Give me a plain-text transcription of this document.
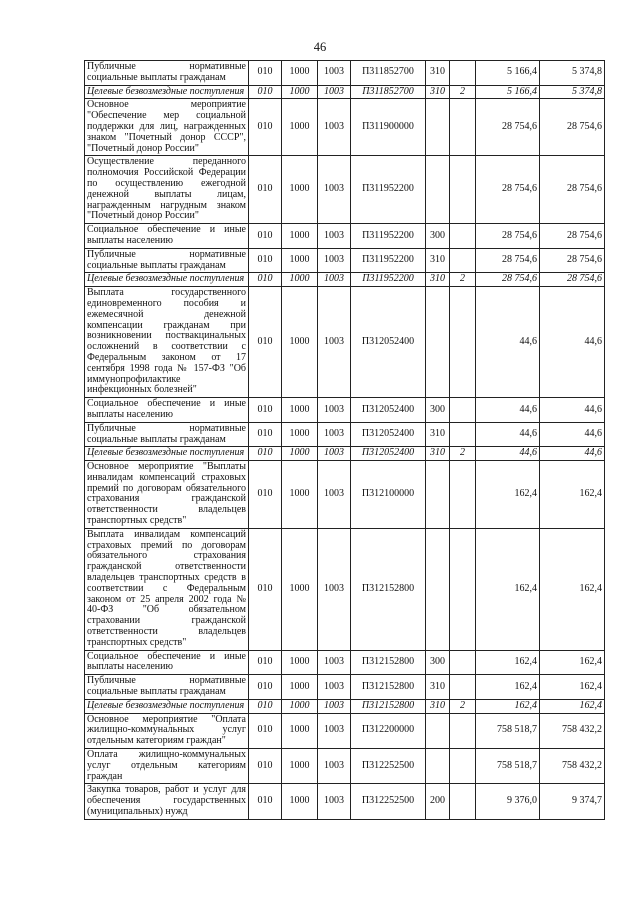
46
Публичные нормативные социальные выплаты гражданам	010	1000	1003	П311852700	310		5 166,4	5 374,8
Целевые безвозмездные поступления	010	1000	1003	П311852700	310	2	5 166,4	5 374,8
Основное мероприятие "Обеспечение мер социальной поддержки для лиц, награжденных знаком "Почетный донор СССР", "Почетный донор России"	010	1000	1003	П311900000			28 754,6	28 754,6
Осуществление переданного полномочия Российской Федерации по осуществлению ежегодной денежной выплаты лицам, награжденным нагрудным знаком "Почетный донор России"	010	1000	1003	П311952200			28 754,6	28 754,6
Социальное обеспечение и иные выплаты населению	010	1000	1003	П311952200	300		28 754,6	28 754,6
Публичные нормативные социальные выплаты гражданам	010	1000	1003	П311952200	310		28 754,6	28 754,6
Целевые безвозмездные поступления	010	1000	1003	П311952200	310	2	28 754,6	28 754,6
Выплата государственного единовременного пособия и ежемесячной денежной компенсации гражданам при возникновении поствакцинальных осложнений в соответствии с Федеральным законом от 17 сентября 1998 года № 157-ФЗ "Об иммунопрофилактике инфекционных болезней"	010	1000	1003	П312052400			44,6	44,6
Социальное обеспечение и иные выплаты населению	010	1000	1003	П312052400	300		44,6	44,6
Публичные нормативные социальные выплаты гражданам	010	1000	1003	П312052400	310		44,6	44,6
Целевые безвозмездные поступления	010	1000	1003	П312052400	310	2	44,6	44,6
Основное мероприятие "Выплаты инвалидам компенсаций страховых премий по договорам обязательного страхования гражданской ответственности владельцев транспортных средств"	010	1000	1003	П312100000			162,4	162,4
Выплата инвалидам компенсаций страховых премий по договорам обязательного страхования гражданской ответственности владельцев транспортных средств в соответствии с Федеральным законом от 25 апреля 2002 года № 40-ФЗ "Об обязательном страховании гражданской ответственности владельцев транспортных средств"	010	1000	1003	П312152800			162,4	162,4
Социальное обеспечение и иные выплаты населению	010	1000	1003	П312152800	300		162,4	162,4
Публичные нормативные социальные выплаты гражданам	010	1000	1003	П312152800	310		162,4	162,4
Целевые безвозмездные поступления	010	1000	1003	П312152800	310	2	162,4	162,4
Основное мероприятие "Оплата жилищно-коммунальных услуг отдельным категориям граждан"	010	1000	1003	П312200000			758 518,7	758 432,2
Оплата жилищно-коммунальных услуг отдельным категориям граждан	010	1000	1003	П312252500			758 518,7	758 432,2
Закупка товаров, работ и услуг для обеспечения государственных (муниципальных) нужд	010	1000	1003	П312252500	200		9 376,0	9 374,7
